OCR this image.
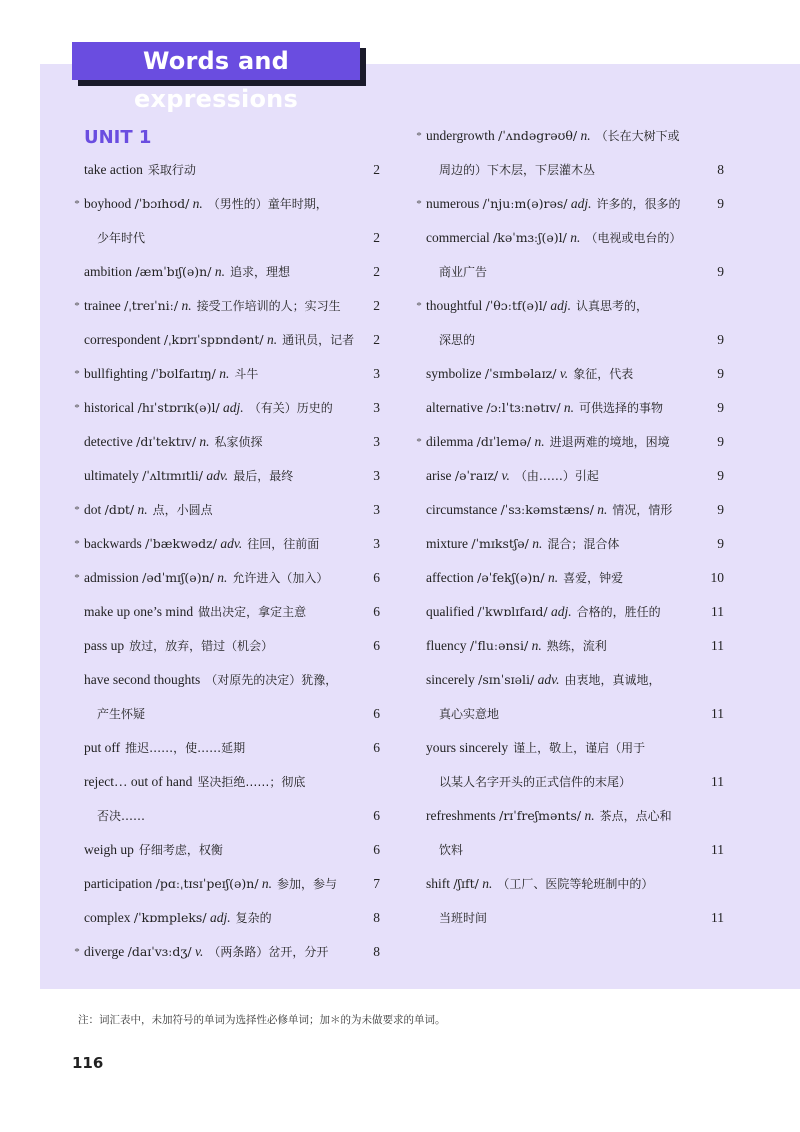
Words and expressions
UNIT 1
take action 采取行动	2
* boyhood /ˈbɔɪhʊd/ n. （男性的）童年时期，
少年时代	2
ambition /æmˈbɪʃ(ə)n/ n. 追求，理想	2
* trainee /ˌtreɪˈniː/ n. 接受工作培训的人；实习生 2
correspondent /ˌkɒrɪˈspɒndənt/ n. 通讯员，记者 2
* bullfighting /ˈbʊlfaɪtɪŋ/ n. 斗牛	3
* historical /hɪˈstɒrɪk(ə)l/ adj. （有关）历史的	3
detective /dɪˈtektɪv/ n. 私家侦探	3
ultimately /ˈʌltɪmɪtli/ adv. 最后，最终	3
* dot /dɒt/ n. 点，小圆点	3
* backwards /ˈbækwədz/ adv. 往回，往前面	3
* admission /ədˈmɪʃ(ə)n/ n. 允许进入（加入）	6
make up one’s mind 做出决定，拿定主意	6
pass up 放过，放弃，错过（机会）	6
have second thoughts （对原先的决定）犹豫，
产生怀疑	6
put off 推迟……，使……延期	6
reject… out of hand 坚决拒绝……；彻底
否决……	6
weigh up 仔细考虑，权衡	6
participation /pɑːˌtɪsɪˈpeɪʃ(ə)n/ n. 参加，参与	7
complex /ˈkɒmpleks/ adj. 复杂的	8
* diverge /daɪˈvɜːdʒ/ v. （两条路）岔开，分开	8
* undergrowth /ˈʌndəgrəʊθ/ n. （长在大树下或
周边的）下木层，下层灌木丛	8
* numerous /ˈnjuːm(ə)rəs/ adj. 许多的，很多的	9
commercial /kəˈmɜːʃ(ə)l/ n. （电视或电台的）
商业广告	9
* thoughtful /ˈθɔːtf(ə)l/ adj. 认真思考的，
深思的	9
symbolize /ˈsɪmbəlaɪz/ v. 象征，代表	9
alternative /ɔːlˈtɜːnətɪv/ n. 可供选择的事物	9
* dilemma /dɪˈlemə/ n. 进退两难的境地，困境	9
arise /əˈraɪz/ v. （由……）引起	9
circumstance /ˈsɜːkəmstæns/ n. 情况，情形	9
mixture /ˈmɪkstʃə/ n. 混合；混合体	9
affection /əˈfekʃ(ə)n/ n. 喜爱，钟爱	10
qualified /ˈkwɒlɪfaɪd/ adj. 合格的，胜任的	11
fluency /ˈfluːənsi/ n. 熟练，流利	11
sincerely /sɪnˈsɪəli/ adv. 由衷地，真诚地，
真心实意地	11
yours sincerely 谨上，敬上，谨启（用于
以某人名字开头的正式信件的末尾）	11
refreshments /rɪˈfreʃmənts/ n. 茶点，点心和
饮料	11
shift /ʃɪft/ n. （工厂、医院等轮班制中的）
当班时间	11
注：词汇表中，未加符号的单词为选择性必修单词；加＊的为未做要求的单词。
116
